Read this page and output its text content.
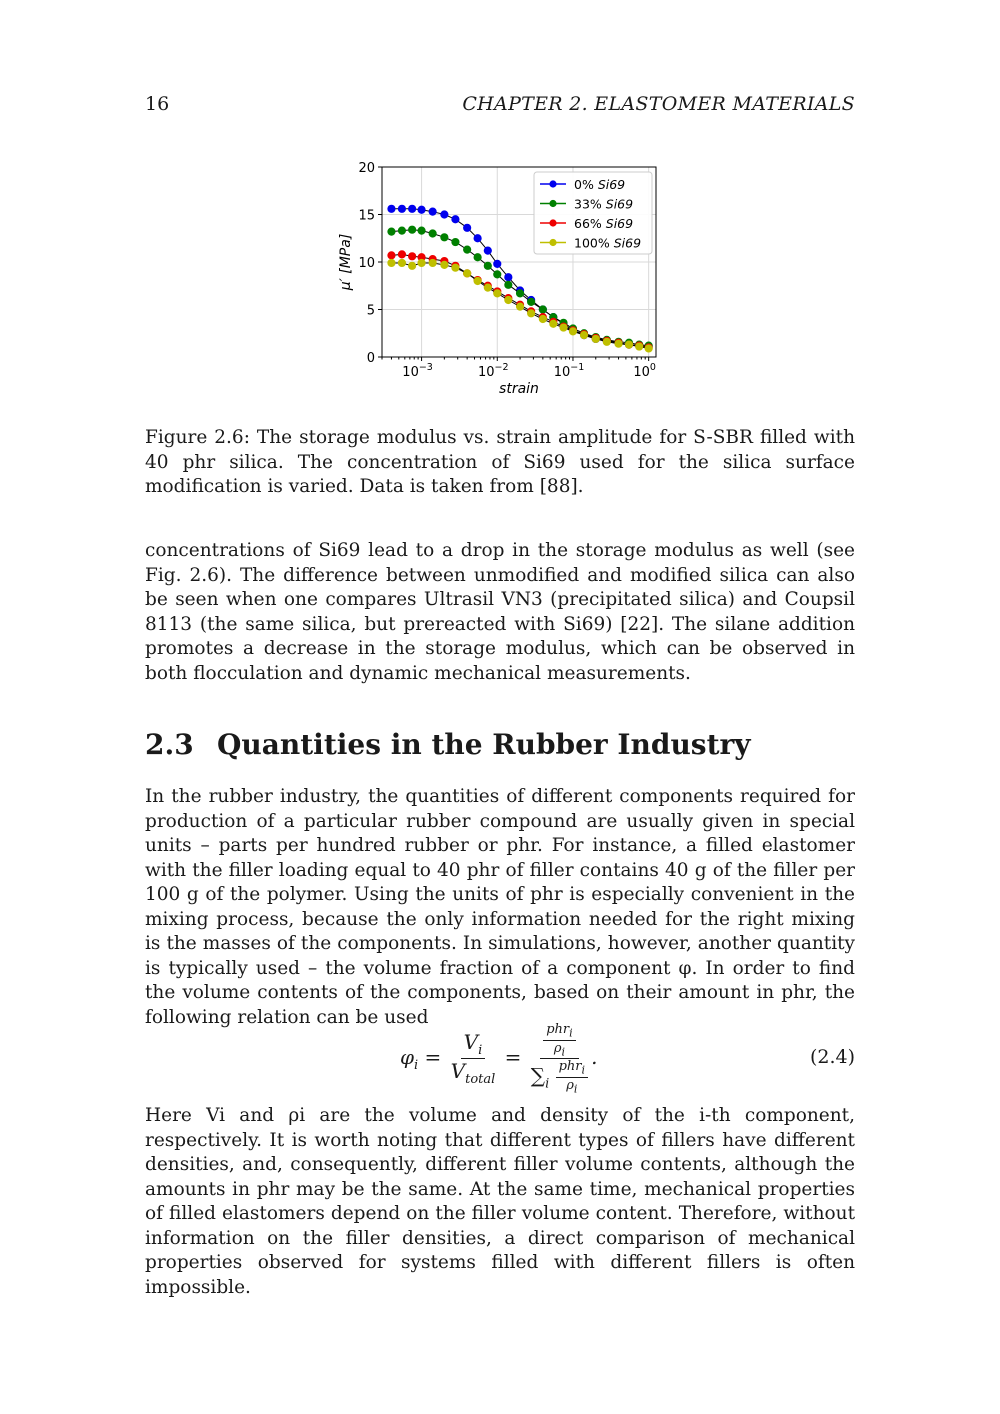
16	CHAPTER 2. ELASTOMER MATERIALS
0
5
10
15
20
$10^{-3}$	$10^{-2}$	$10^{-1}$	$10^0$
strain
μ′ [MPa]
0% Si69
33% Si69
66% Si69
100% Si69
Figure 2.6: The storage modulus vs. strain amplitude for S-SBR filled with 40 phr silica. The concentration of Si69 used for the silica surface modification is varied. Data is taken from [88].
concentrations of Si69 lead to a drop in the storage modulus as well (see Fig. 2.6). The difference between unmodified and modified silica can also be seen when one compares Ultrasil VN3 (precipitated silica) and Coupsil 8113 (the same silica, but prereacted with Si69) [22]. The silane addition promotes a decrease in the storage modulus, which can be observed in both flocculation and dynamic mechanical measurements.
2.3 Quantities in the Rubber Industry
In the rubber industry, the quantities of different components required for production of a particular rubber compound are usually given in special units – parts per hundred rubber or phr. For instance, a filled elastomer with the filler loading equal to 40 phr of filler contains 40 g of the filler per 100 g of the polymer. Using the units of phr is especially convenient in the mixing process, because the only information needed for the right mixing is the masses of the components. In simulations, however, another quantity is typically used – the volume fraction of a component φ. In order to find the volume contents of the components, based on their amount in phr, the following relation can be used
$\varphi_i = \frac{V_i}{V_{total}} = \frac{\frac{phr_i}{\rho_i}}{\sum_i \frac{phr_i}{\rho_i}}$ .	(2.4)
Here Vi and ρi are the volume and density of the i-th component, respectively. It is worth noting that different types of fillers have different densities, and, consequently, different filler volume contents, although the amounts in phr may be the same. At the same time, mechanical properties of filled elastomers depend on the filler volume content. Therefore, without information on the filler densities, a direct comparison of mechanical properties observed for systems filled with different fillers is often impossible.
